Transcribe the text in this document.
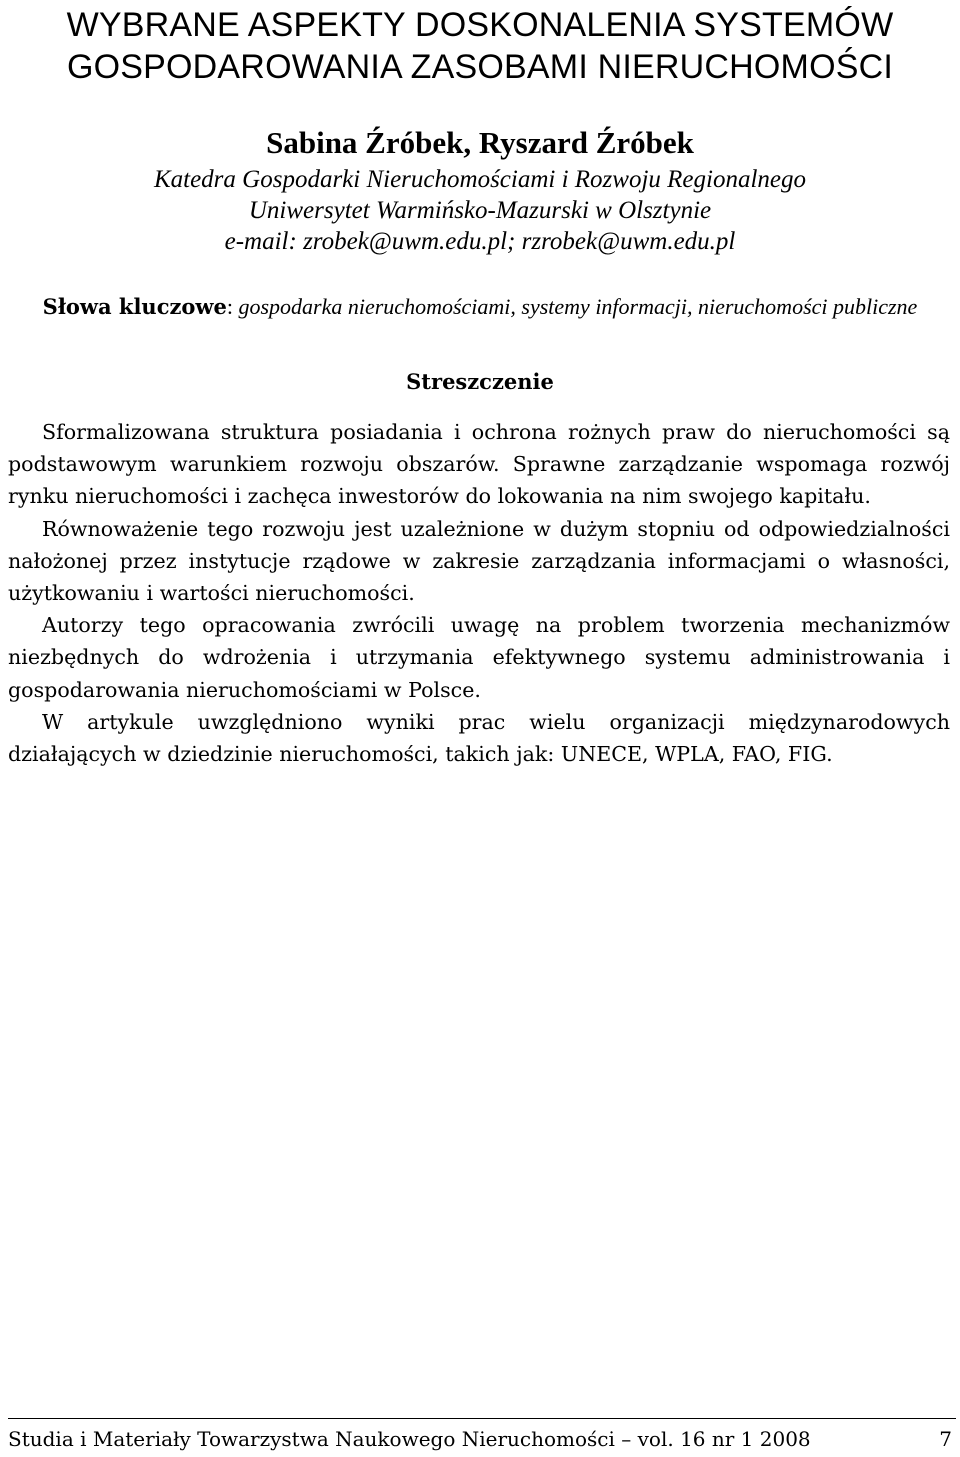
WYBRANE ASPEKTY DOSKONALENIA SYSTEMÓW
GOSPODAROWANIA ZASOBAMI NIERUCHOMOŚCI

Sabina Źróbek, Ryszard Źróbek

Katedra Gospodarki Nieruchomościami i Rozwoju Regionalnego

Uniwersytet Warmińsko-Mazurski w Olsztynie

e-mail: zrobek@uwm.edu.pl; rzrobek@uwm.edu.pl

Słowa kluczowe: gospodarka nieruchomościami, systemy informacji, nieruchomości publiczne

Streszczenie

Sformalizowana struktura posiadania i ochrona rożnych praw do nieruchomości są podstawowym warunkiem rozwoju obszarów. Sprawne zarządzanie wspomaga rozwój rynku nieruchomości i zachęca inwestorów do lokowania na nim swojego kapitału.

Równoważenie tego rozwoju jest uzależnione w dużym stopniu od odpowiedzialności nałożonej przez instytucje rządowe w zakresie zarządzania informacjami o własności, użytkowaniu i wartości nieruchomości.

Autorzy tego opracowania zwrócili uwagę na problem tworzenia mechanizmów niezbędnych do wdrożenia i utrzymania efektywnego systemu administrowania i gospodarowania nieruchomościami w Polsce.

W artykule uwzględniono wyniki prac wielu organizacji międzynarodowych działających w dziedzinie nieruchomości, takich jak: UNECE, WPLA, FAO, FIG.

Studia i Materiały Towarzystwa Naukowego Nieruchomości – vol. 16 nr 1 2008	7
